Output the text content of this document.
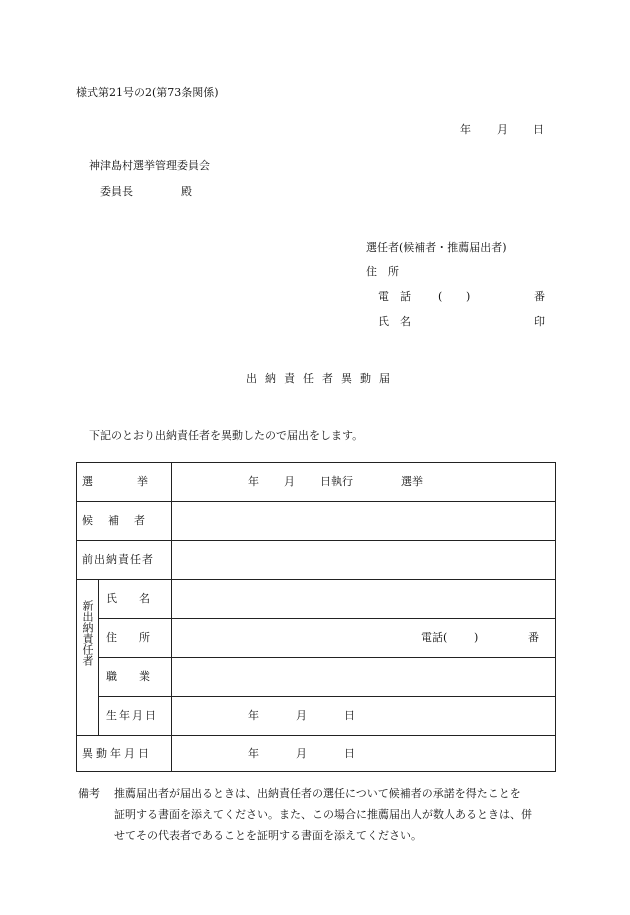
様式第21号の2(第73条関係)
年 月 日
神津島村選挙管理委員会
委員長	殿
選任者(候補者・推薦届出者)
住　所
電　話 ( )	番
氏　名	印
出納責任者異動届
下記のとおり出納責任者を異動したので届出をします。
選　　　　挙	年 月 日執行	選挙
候　補　者
前出納責任者
新出納責任者
氏　　名
住　　所	電話( )	番
職　　業
生年月日	年	月	日
異動年月日	年	月	日
備考 推薦届出者が届出るときは、出納責任者の選任について候補者の承諾を得たことを
証明する書面を添えてください。また、この場合に推薦届出人が数人あるときは、併
せてその代表者であることを証明する書面を添えてください。
